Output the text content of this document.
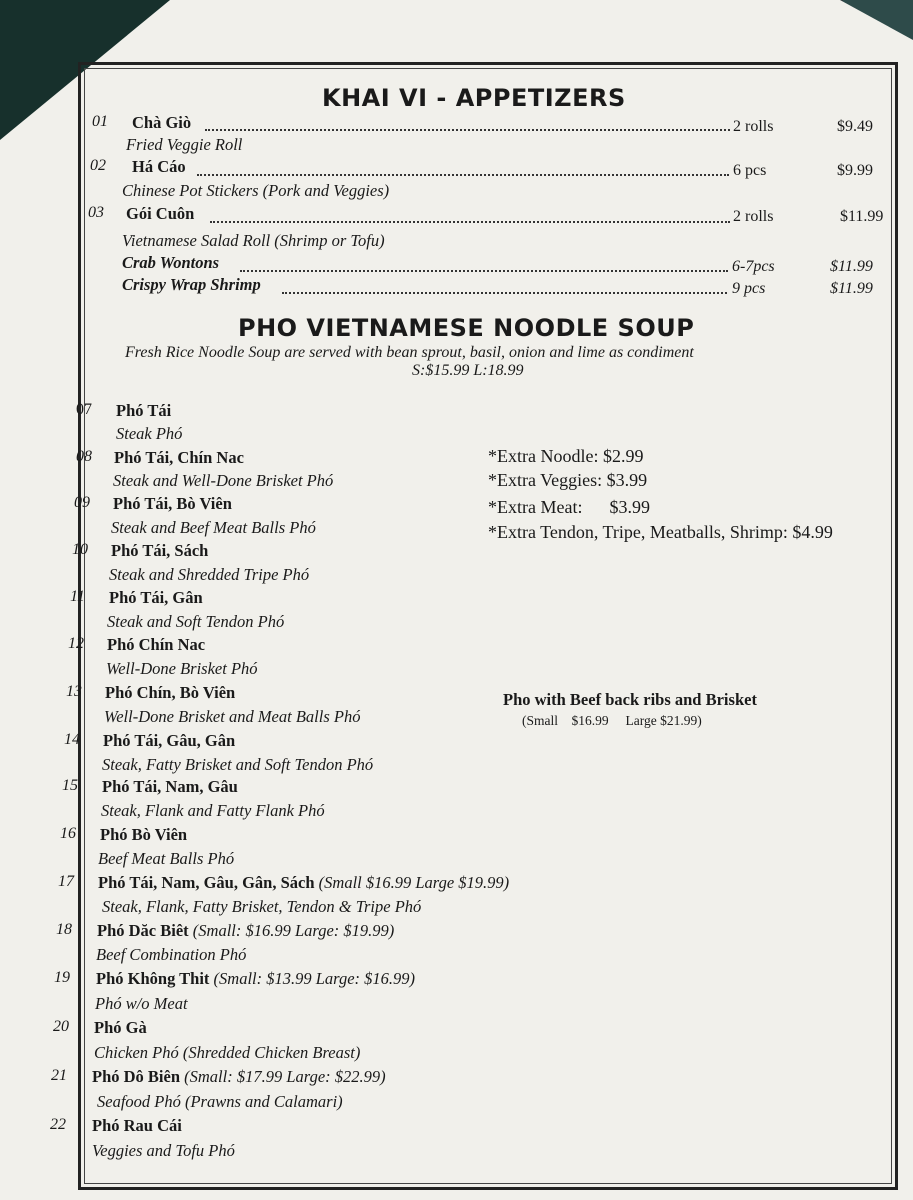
KHAI VI - APPETIZERS
01 Chà Giò	2 rolls	$9.49
Fried Veggie Roll
02 Há Cáo	6 pcs	$9.99
Chinese Pot Stickers (Pork and Veggies)
03 Gói Cuôn	2 rolls	$11.99
Vietnamese Salad Roll (Shrimp or Tofu)
Crab Wontons	6-7pcs	$11.99
Crispy Wrap Shrimp	9 pcs	$11.99
PHO VIETNAMESE NOODLE SOUP
Fresh Rice Noodle Soup are served with bean sprout, basil, onion and lime as condiment
S:$15.99 L:18.99
07 Phó Tái
Steak Phó
08 Phó Tái, Chín Nac
Steak and Well-Done Brisket Phó
09 Phó Tái, Bò Viên
Steak and Beef Meat Balls Phó
10 Phó Tái, Sách
Steak and Shredded Tripe Phó
11 Phó Tái, Gân
Steak and Soft Tendon Phó
12 Phó Chín Nac
Well-Done Brisket Phó
13 Phó Chín, Bò Viên
Well-Done Brisket and Meat Balls Phó
14 Phó Tái, Gâu, Gân
Steak, Fatty Brisket and Soft Tendon Phó
15 Phó Tái, Nam, Gâu
Steak, Flank and Fatty Flank Phó
16 Phó Bò Viên
Beef Meat Balls Phó
17 Phó Tái, Nam, Gâu, Gân, Sách (Small $16.99 Large $19.99)
Steak, Flank, Fatty Brisket, Tendon & Tripe Phó
18 Phó Dăc Biêt (Small: $16.99 Large: $19.99)
Beef Combination Phó
19 Phó Không Thit (Small: $13.99 Large: $16.99)
Phó w/o Meat
20 Phó Gà
Chicken Phó (Shredded Chicken Breast)
21 Phó Dô Biên (Small: $17.99 Large: $22.99)
Seafood Phó (Prawns and Calamari)
22 Phó Rau Cái
Veggies and Tofu Phó
*Extra Noodle: $2.99
*Extra Veggies: $3.99
*Extra Meat:      $3.99
*Extra Tendon, Tripe, Meatballs, Shrimp: $4.99
Pho with Beef back ribs and Brisket
(Small    $16.99     Large $21.99)
